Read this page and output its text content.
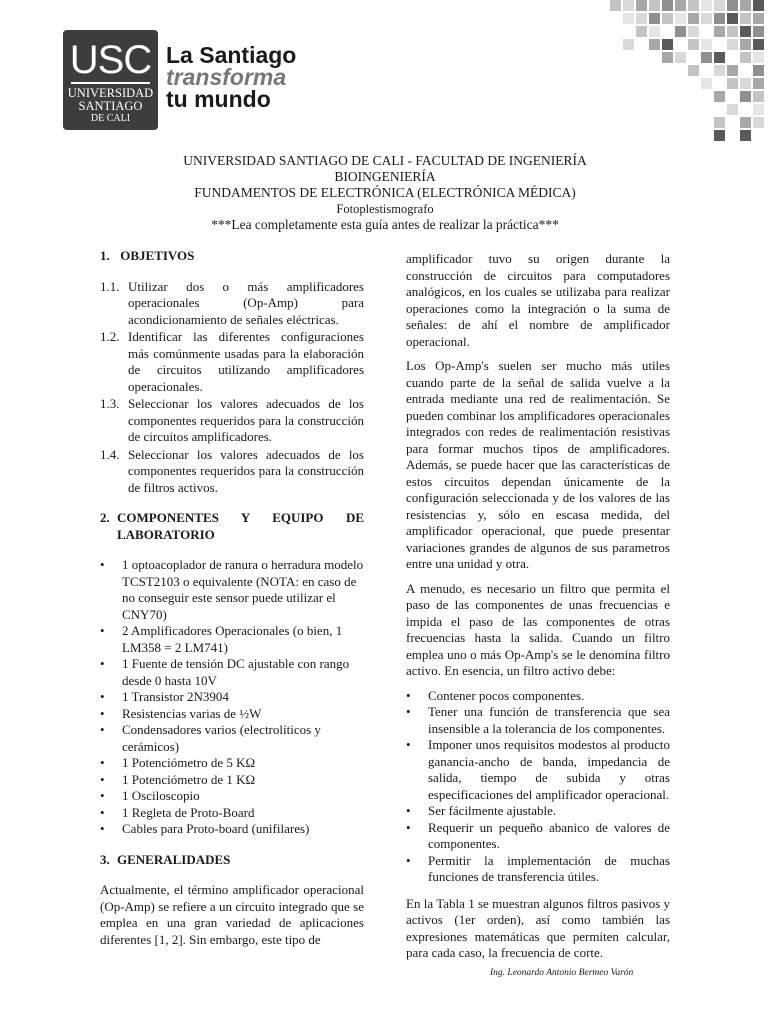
USC
UNIVERSIDAD
SANTIAGO
DE CALI
La Santiago
transforma
tu mundo
UNIVERSIDAD SANTIAGO DE CALI - FACULTAD DE INGENIERÍA
BIOINGENIERÍA
FUNDAMENTOS DE ELECTRÓNICA (ELECTRÓNICA MÉDICA)
Fotoplestismografo
***Lea completamente esta guía antes de realizar la práctica***
1. OBJETIVOS
1.1. Utilizar dos o más amplificadores operacionales (Op-Amp) para acondicionamiento de señales eléctricas.
1.2. Identificar las diferentes configuraciones más comúnmente usadas para la elaboración de circuitos utilizando amplificadores operacionales.
1.3. Seleccionar los valores adecuados de los componentes requeridos para la construcción de circuitos amplificadores.
1.4. Seleccionar los valores adecuados de los componentes requeridos para la construcción de filtros activos.
2. COMPONENTES Y EQUIPO DE LABORATORIO
•	1 optoacoplador de ranura o herradura modelo TCST2103 o equivalente (NOTA: en caso de no conseguir este sensor puede utilizar el CNY70)
•	2 Amplificadores Operacionales (o bien, 1 LM358 = 2 LM741)
•	1 Fuente de tensión DC ajustable con rango desde 0 hasta 10V
•	1 Transistor 2N3904
•	Resistencias varias de ½W
•	Condensadores varios (electrolíticos y cerámicos)
•	1 Potenciómetro de 5 KΩ
•	1 Potenciómetro de 1 KΩ
•	1 Osciloscopio
•	1 Regleta de Proto-Board
•	Cables para Proto-board (unifilares)
3. GENERALIDADES

Actualmente, el término amplificador operacional (Op-Amp) se refiere a un circuito integrado que se emplea en una gran variedad de aplicaciones diferentes [1, 2]. Sin embargo, este tipo de

amplificador tuvo su origen durante la construcción de circuitos para computadores analógicos, en los cuales se utilizaba para realizar operaciones como la integración o la suma de señales: de ahí el nombre de amplificador operacional.

Los Op-Amp's suelen ser mucho más utiles cuando parte de la señal de salida vuelve a la entrada mediante una red de realimentación. Se pueden combinar los amplificadores operacionales integrados con redes de realimentación resistivas para formar muchos tipos de amplificadores. Además, se puede hacer que las características de estos circuitos dependan únicamente de la configuración seleccionada y de los valores de las resistencias y, sólo en escasa medida, del amplificador operacional, que puede presentar variaciones grandes de algunos de sus parametros entre una unidad y otra.

A menudo, es necesario un filtro que permita el paso de las componentes de unas frecuencias e impida el paso de las componentes de otras frecuencias hasta la salida. Cuando un filtro emplea uno o más Op-Amp's se le denomina filtro activo. En esencia, un filtro activo debe:

•	Contener pocos componentes.
•	Tener una función de transferencia que sea insensible a la tolerancia de los componentes.
•	Imponer unos requisitos modestos al producto ganancia-ancho de banda, impedancia de salida, tiempo de subida y otras especificaciones del amplificador operacional.
•	Ser fácilmente ajustable.
•	Requerir un pequeño abanico de valores de componentes.
•	Permitir la implementación de muchas funciones de transferencia útiles.

En la Tabla 1 se muestran algunos filtros pasivos y activos (1er orden), así como también las expresiones matemáticas que permiten calcular, para cada caso, la frecuencia de corte.

Ing. Leonardo Antonio Bermeo Varón
